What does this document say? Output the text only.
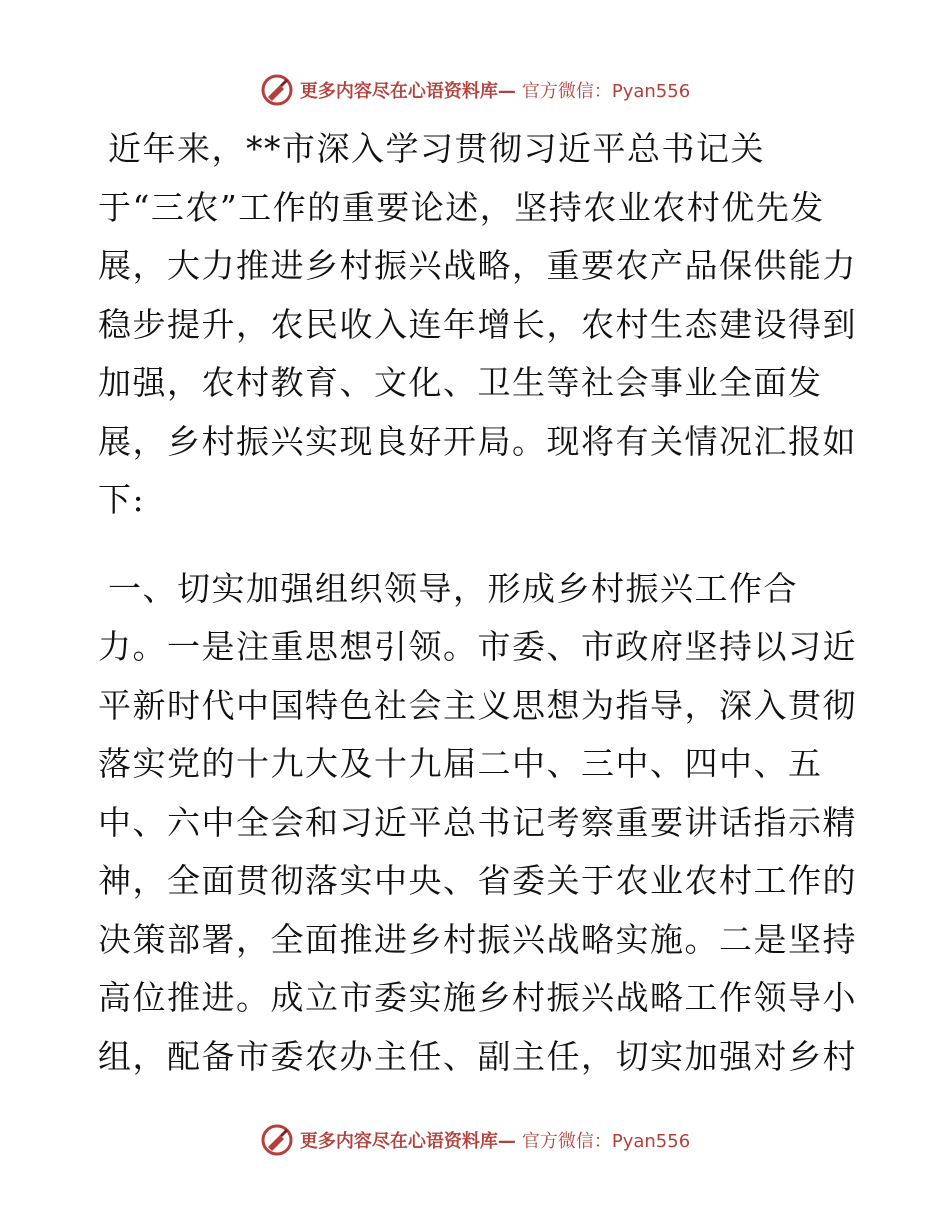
更多内容尽在心语资料库— 官方微信：Pyan556
近年来，**市深入学习贯彻习近平总书记关
于“三农”工作的重要论述，坚持农业农村优先发
展，大力推进乡村振兴战略，重要农产品保供能力
稳步提升，农民收入连年增长，农村生态建设得到
加强，农村教育、文化、卫生等社会事业全面发
展，乡村振兴实现良好开局。现将有关情况汇报如
下:
一、切实加强组织领导，形成乡村振兴工作合
力。一是注重思想引领。市委、市政府坚持以习近
平新时代中国特色社会主义思想为指导，深入贯彻
落实党的十九大及十九届二中、三中、四中、五
中、六中全会和习近平总书记考察重要讲话指示精
神，全面贯彻落实中央、省委关于农业农村工作的
决策部署，全面推进乡村振兴战略实施。二是坚持
高位推进。成立市委实施乡村振兴战略工作领导小
组，配备市委农办主任、副主任，切实加强对乡村
更多内容尽在心语资料库— 官方微信：Pyan556
